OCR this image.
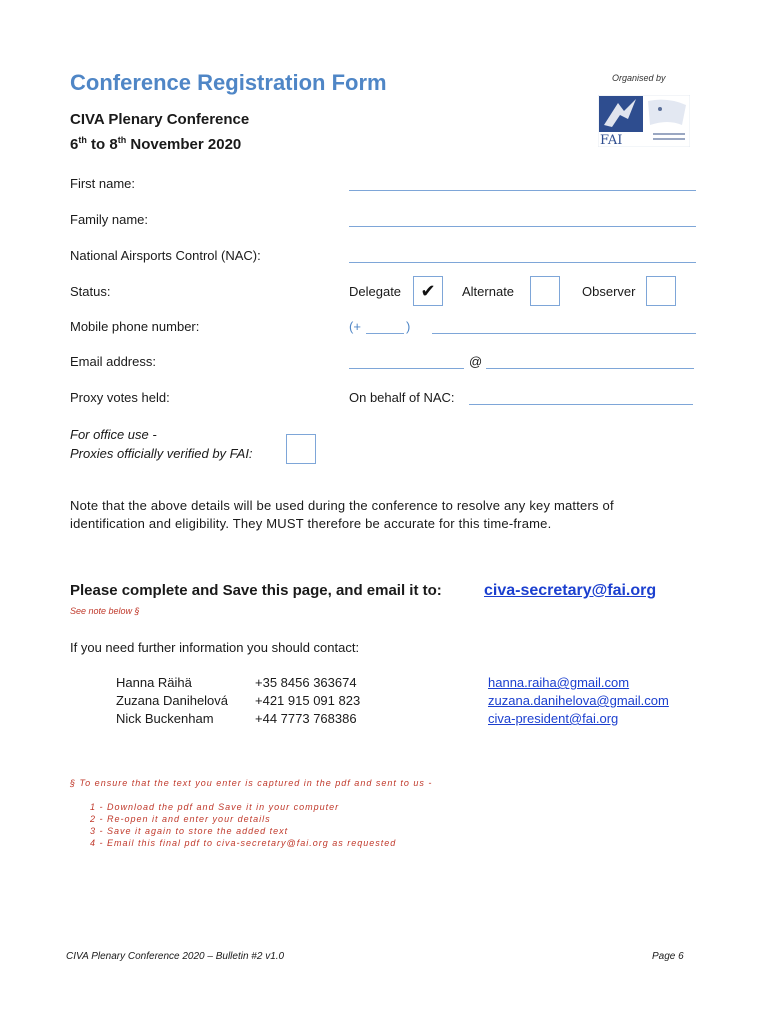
Conference Registration Form
CIVA Plenary Conference
6th to 8th November 2020
Organised by
FAI
First name:
Family name:
National Airsports Control (NAC):
Status:	Delegate	✔	Alternate	Observer
Mobile phone number:	(+	)
Email address:	@
Proxy votes held:	On behalf of NAC:
For office use -
Proxies officially verified by FAI:
Note that the above details will be used during the conference to resolve any key matters of identification and eligibility. They MUST therefore be accurate for this time-frame.
Please complete and Save this page, and email it to:	civa-secretary@fai.org
See note below §
If you need further information you should contact:
Hanna Räihä	+35 8456 363674	hanna.raiha@gmail.com
Zuzana Danihelová +421 915 091 823	zuzana.danihelova@gmail.com
Nick Buckenham	+44 7773 768386	civa-president@fai.org
§ To ensure that the text you enter is captured in the pdf and sent to us -
1 - Download the pdf and Save it in your computer
2 - Re-open it and enter your details
3 - Save it again to store the added text
4 - Email this final pdf to civa-secretary@fai.org as requested
CIVA Plenary Conference 2020 – Bulletin #2 v1.0	Page 6
